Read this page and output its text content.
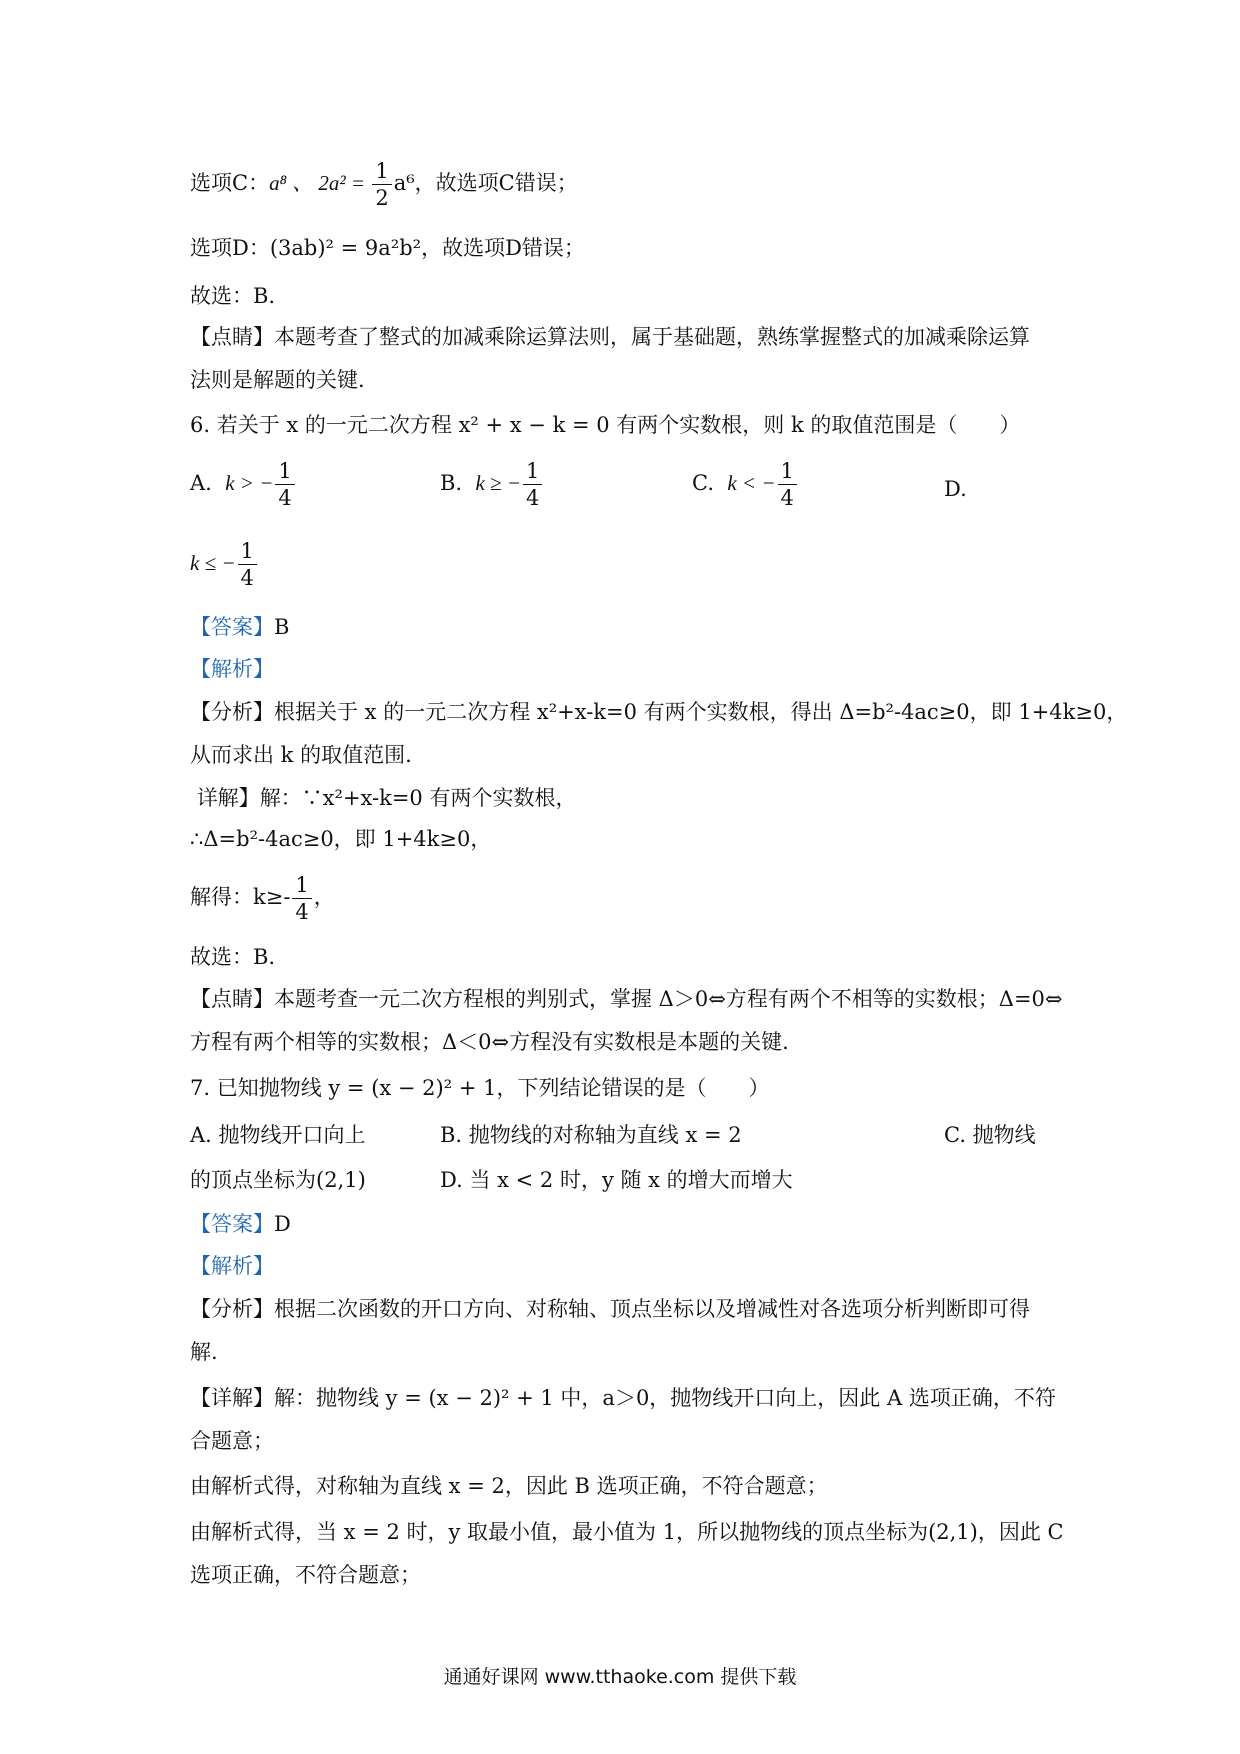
选项C：a⁸ 、 $2a^2 = \frac{1}{2} a^6$，故选项C错误；
选项D：(3ab)² = 9a²b²，故选项D错误；
故选：B.
【点睛】本题考查了整式的加减乘除运算法则，属于基础题，熟练掌握整式的加减乘除运算
法则是解题的关键.
6. 若关于 x 的一元二次方程 x² + x − k = 0 有两个实数根，则 k 的取值范围是（　　）
A. k > − $\frac{1}{4}$	B. k ≥ − $\frac{1}{4}$	C. k < − $\frac{1}{4}$	D.
k ≤ − $\frac{1}{4}$
【答案】B
【解析】
【分析】根据关于 x 的一元二次方程 x²+x-k=0 有两个实数根，得出 Δ=b²-4ac≥0，即 1+4k≥0，
从而求出 k 的取值范围.
详解】解：∵x²+x-k=0 有两个实数根，
∴Δ=b²-4ac≥0，即 1+4k≥0，
解得：$k\ge- \frac{1}{4}$ ，
故选：B.
【点睛】本题考查一元二次方程根的判别式，掌握 Δ＞0⇔方程有两个不相等的实数根；Δ=0⇔
方程有两个相等的实数根；Δ＜0⇔方程没有实数根是本题的关键.
7. 已知抛物线 y = (x − 2)² + 1，下列结论错误的是（　　）
A. 抛物线开口向上	B. 抛物线的对称轴为直线 x = 2	C. 抛物线
的顶点坐标为(2,1)	D. 当 x < 2 时，y 随 x 的增大而增大
【答案】D
【解析】
【分析】根据二次函数的开口方向、对称轴、顶点坐标以及增减性对各选项分析判断即可得
解.
【详解】解：抛物线 y = (x − 2)² + 1 中，a＞0，抛物线开口向上，因此 A 选项正确，不符
合题意；
由解析式得，对称轴为直线 x = 2，因此 B 选项正确，不符合题意；
由解析式得，当 x = 2 时，y 取最小值，最小值为 1，所以抛物线的顶点坐标为(2,1)，因此 C
选项正确，不符合题意；
通通好课网 www.tthaoke.com 提供下载
